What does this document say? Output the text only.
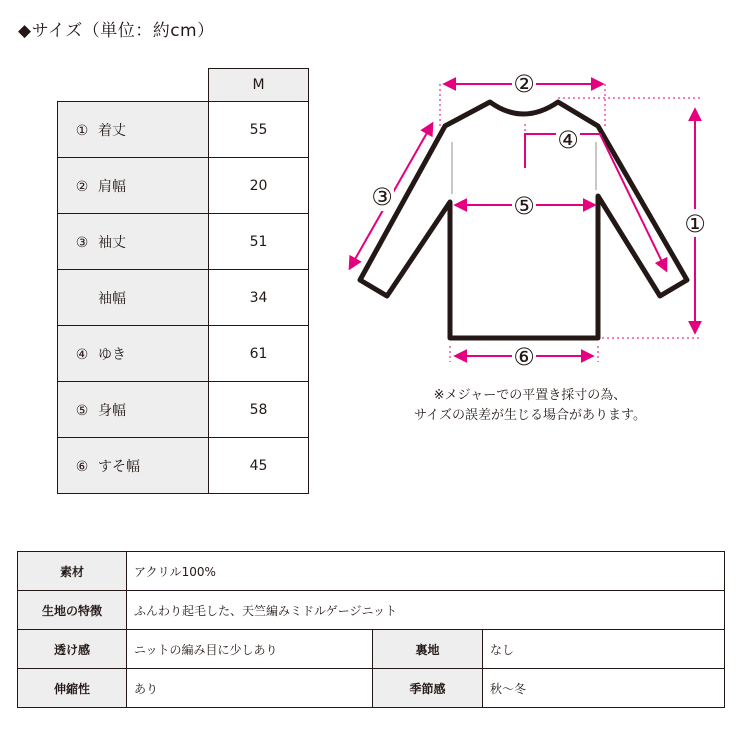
◆サイズ（単位：約cm）
	M
① 着丈	55
② 肩幅	20
③ 袖丈	51
袖幅	34
④ ゆき	61
⑤ 身幅	58
⑥ すそ幅	45
②
①
③
④
⑤
⑥
※メジャーでの平置き採寸の為、
サイズの誤差が生じる場合があります。
素材	アクリル100%		
生地の特徴	ふんわり起毛した、天竺編みミドルゲージニット		
透け感	ニットの編み目に少しあり	裏地	なし
伸縮性	あり	季節感	秋〜冬
